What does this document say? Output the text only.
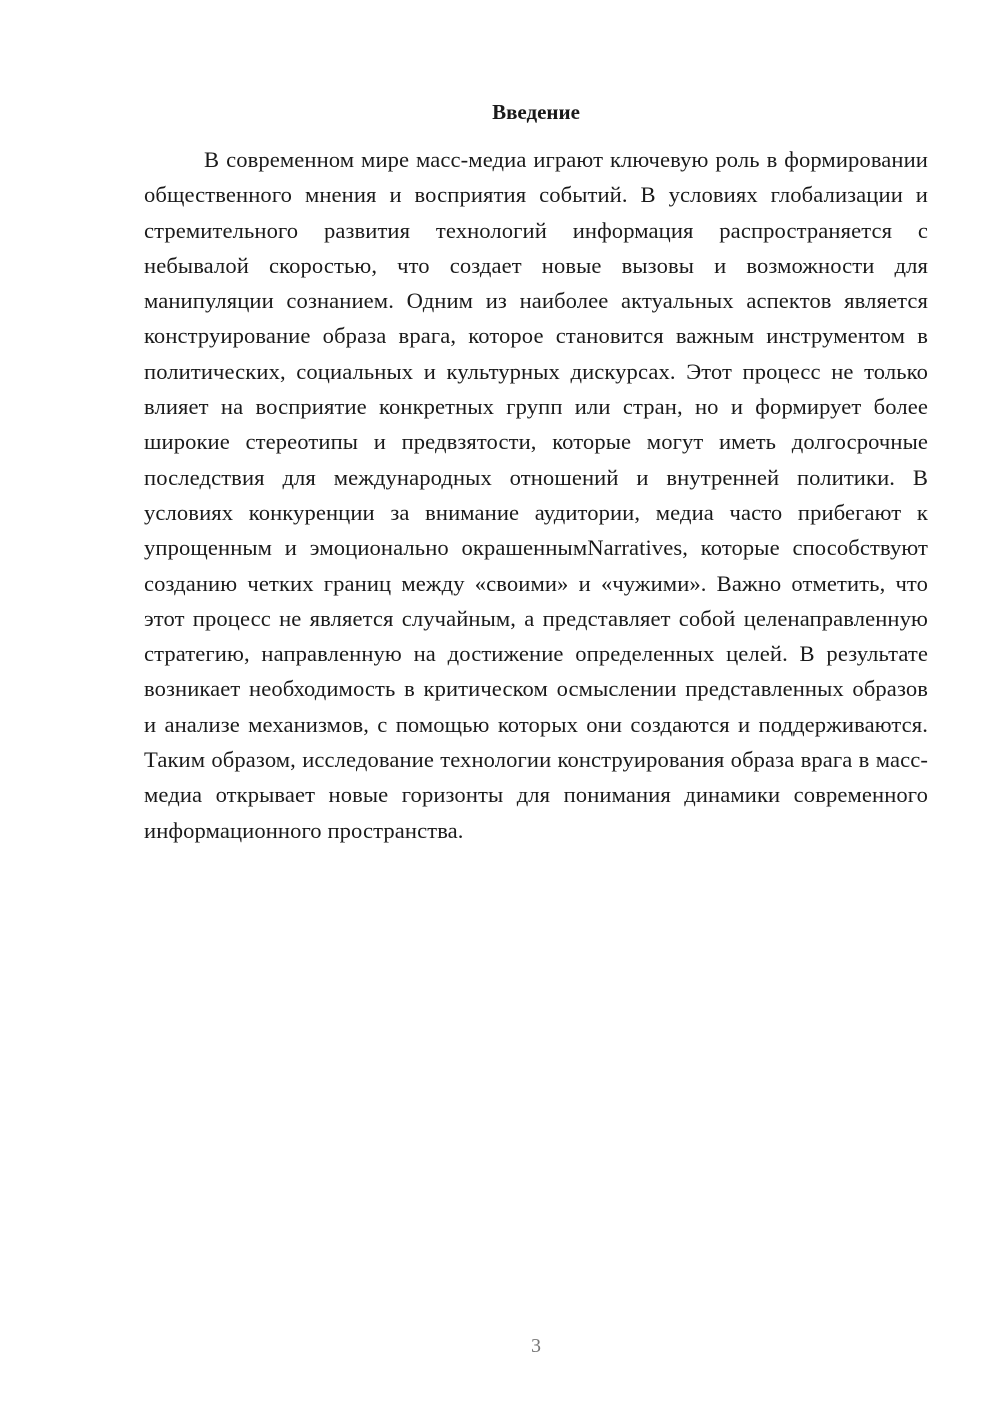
Введение

В современном мире масс-медиа играют ключевую роль в формировании общественного мнения и восприятия событий. В условиях глобализации и стремительного развития технологий информация распространяется с небывалой скоростью, что создает новые вызовы и возможности для манипуляции сознанием. Одним из наиболее актуальных аспектов является конструирование образа врага, которое становится важным инструментом в политических, социальных и культурных дискурсах. Этот процесс не только влияет на восприятие конкретных групп или стран, но и формирует более широкие стереотипы и предвзятости, которые могут иметь долгосрочные последствия для международных отношений и внутренней политики. В условиях конкуренции за внимание аудитории, медиа часто прибегают к упрощенным и эмоционально окрашеннымNarratives, которые способствуют созданию четких границ между «своими» и «чужими». Важно отметить, что этот процесс не является случайным, а представляет собой целенаправленную стратегию, направленную на достижение определенных целей. В результате возникает необходимость в критическом осмыслении представленных образов и анализе механизмов, с помощью которых они создаются и поддерживаются. Таким образом, исследование технологии конструирования образа врага в масс-медиа открывает новые горизонты для понимания динамики современного информационного пространства.

3
